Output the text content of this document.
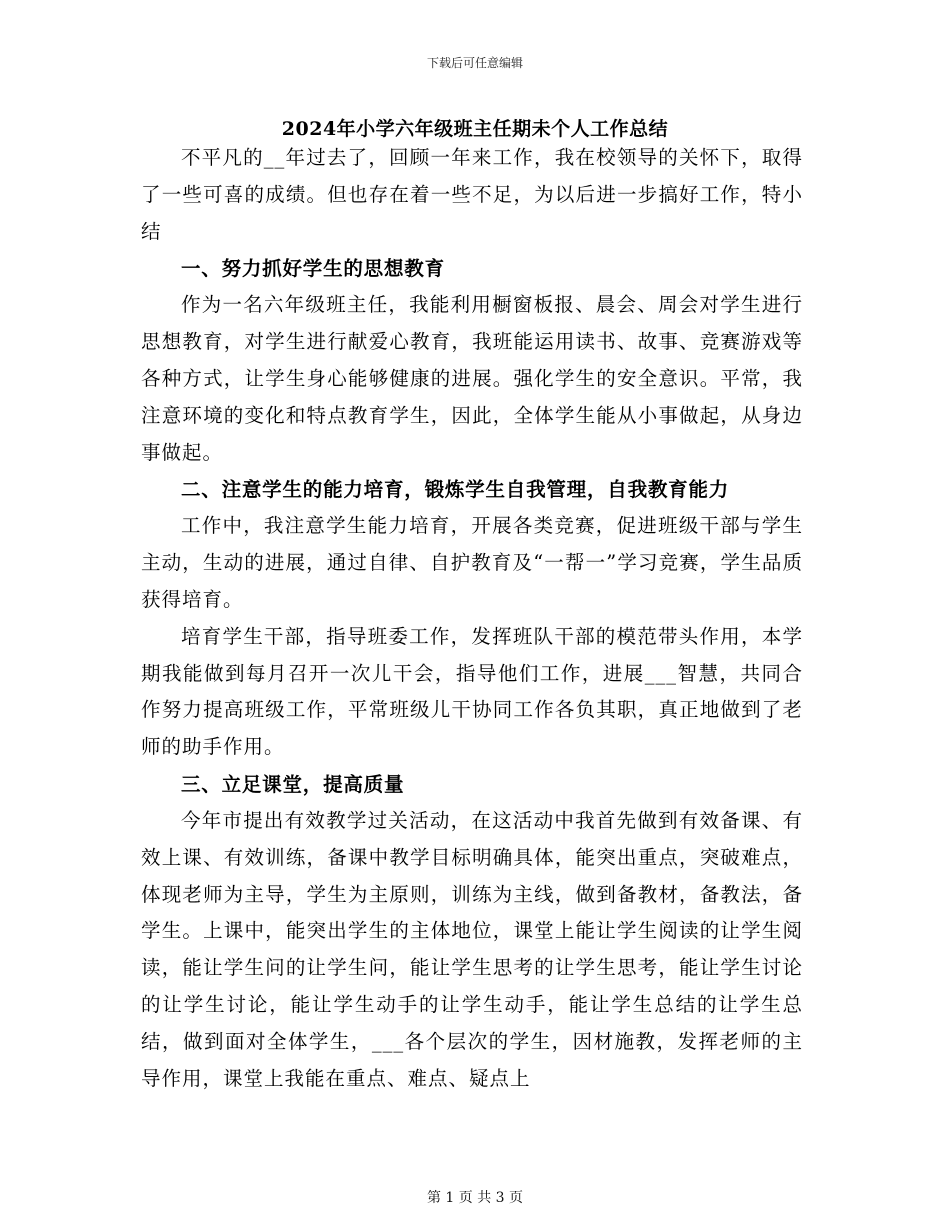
下载后可任意编辑
2024年小学六年级班主任期未个人工作总结

不平凡的__年过去了，回顾一年来工作，我在校领导的关怀下，取得了一些可喜的成绩。但也存在着一些不足，为以后进一步搞好工作，特小结

一、努力抓好学生的思想教育

作为一名六年级班主任，我能利用橱窗板报、晨会、周会对学生进行思想教育，对学生进行献爱心教育，我班能运用读书、故事、竞赛游戏等各种方式，让学生身心能够健康的进展。强化学生的安全意识。平常，我注意环境的变化和特点教育学生，因此，全体学生能从小事做起，从身边事做起。

二、注意学生的能力培育，锻炼学生自我管理，自我教育能力

工作中，我注意学生能力培育，开展各类竞赛，促进班级干部与学生主动，生动的进展，通过自律、自护教育及“一帮一”学习竞赛，学生品质获得培育。

培育学生干部，指导班委工作，发挥班队干部的模范带头作用，本学期我能做到每月召开一次儿干会，指导他们工作，进展___智慧，共同合作努力提高班级工作，平常班级儿干协同工作各负其职，真正地做到了老师的助手作用。

三、立足课堂，提高质量

今年市提出有效教学过关活动，在这活动中我首先做到有效备课、有效上课、有效训练，备课中教学目标明确具体，能突出重点，突破难点，体现老师为主导，学生为主原则，训练为主线，做到备教材，备教法，备学生。上课中，能突出学生的主体地位，课堂上能让学生阅读的让学生阅读，能让学生问的让学生问，能让学生思考的让学生思考，能让学生讨论的让学生讨论，能让学生动手的让学生动手，能让学生总结的让学生总结，做到面对全体学生，___各个层次的学生，因材施教，发挥老师的主导作用，课堂上我能在重点、难点、疑点上

第 1 页 共 3 页
